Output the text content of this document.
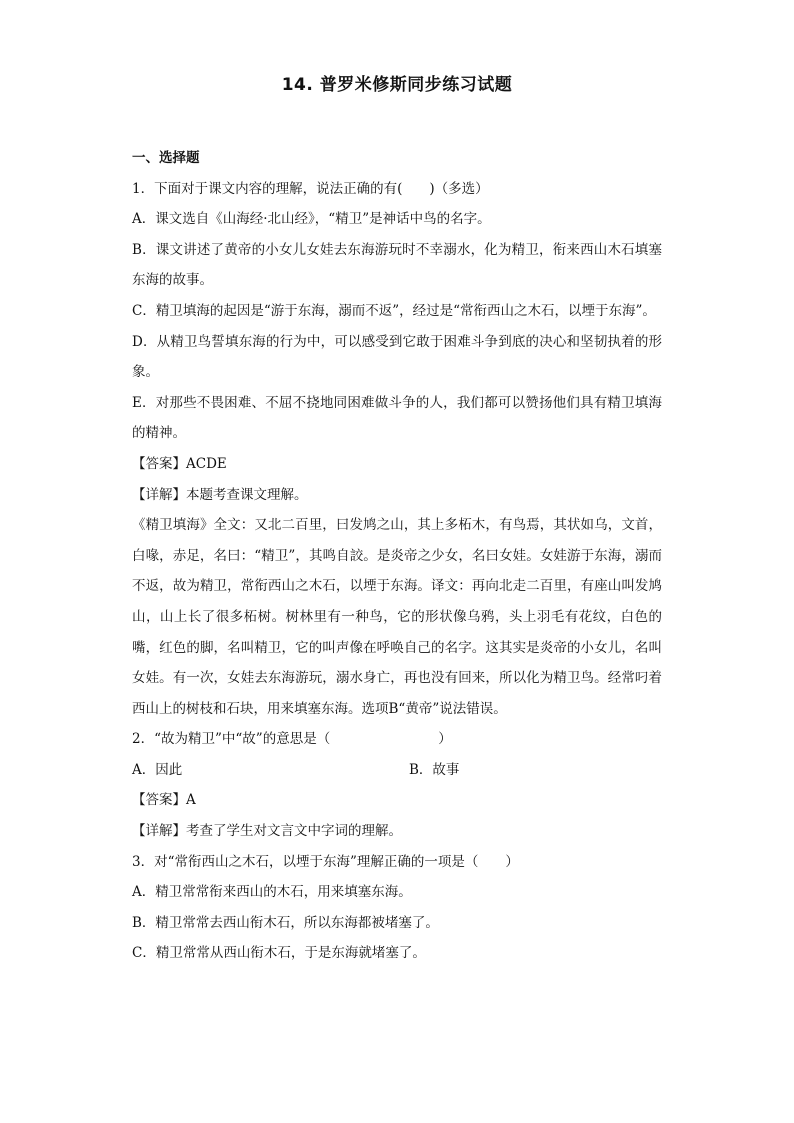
14. 普罗米修斯同步练习试题
一、选择题
1．下面对于课文内容的理解，说法正确的有(　　)（多选）
A．课文选自《山海经·北山经》，“精卫”是神话中鸟的名字。
B．课文讲述了黄帝的小女儿女娃去东海游玩时不幸溺水，化为精卫，衔来西山木石填塞东海的故事。
C．精卫填海的起因是“游于东海，溺而不返”，经过是“常衔西山之木石，以堙于东海”。
D．从精卫鸟誓填东海的行为中，可以感受到它敢于困难斗争到底的决心和坚韧执着的形象。
E．对那些不畏困难、不屈不挠地同困难做斗争的人，我们都可以赞扬他们具有精卫填海的精神。
【答案】ACDE
【详解】本题考查课文理解。
《精卫填海》全文：又北二百里，曰发鸠之山，其上多柘木，有鸟焉，其状如乌，文首，白喙，赤足，名曰：“精卫”，其鸣自詨。是炎帝之少女，名曰女娃。女娃游于东海，溺而不返，故为精卫，常衔西山之木石，以堙于东海。译文：再向北走二百里，有座山叫发鸠山，山上长了很多柘树。树林里有一种鸟，它的形状像乌鸦，头上羽毛有花纹，白色的嘴，红色的脚，名叫精卫，它的叫声像在呼唤自己的名字。这其实是炎帝的小女儿，名叫女娃。有一次，女娃去东海游玩，溺水身亡，再也没有回来，所以化为精卫鸟。经常叼着西山上的树枝和石块，用来填塞东海。选项B“黄帝”说法错误。
2．“故为精卫”中“故”的意思是（　　　　　　　　）
A．因此	B．故事
【答案】A
【详解】考查了学生对文言文中字词的理解。
3．对“常衔西山之木石，以堙于东海”理解正确的一项是（　　）
A．精卫常常衔来西山的木石，用来填塞东海。
B．精卫常常去西山衔木石，所以东海都被堵塞了。
C．精卫常常从西山衔木石，于是东海就堵塞了。
